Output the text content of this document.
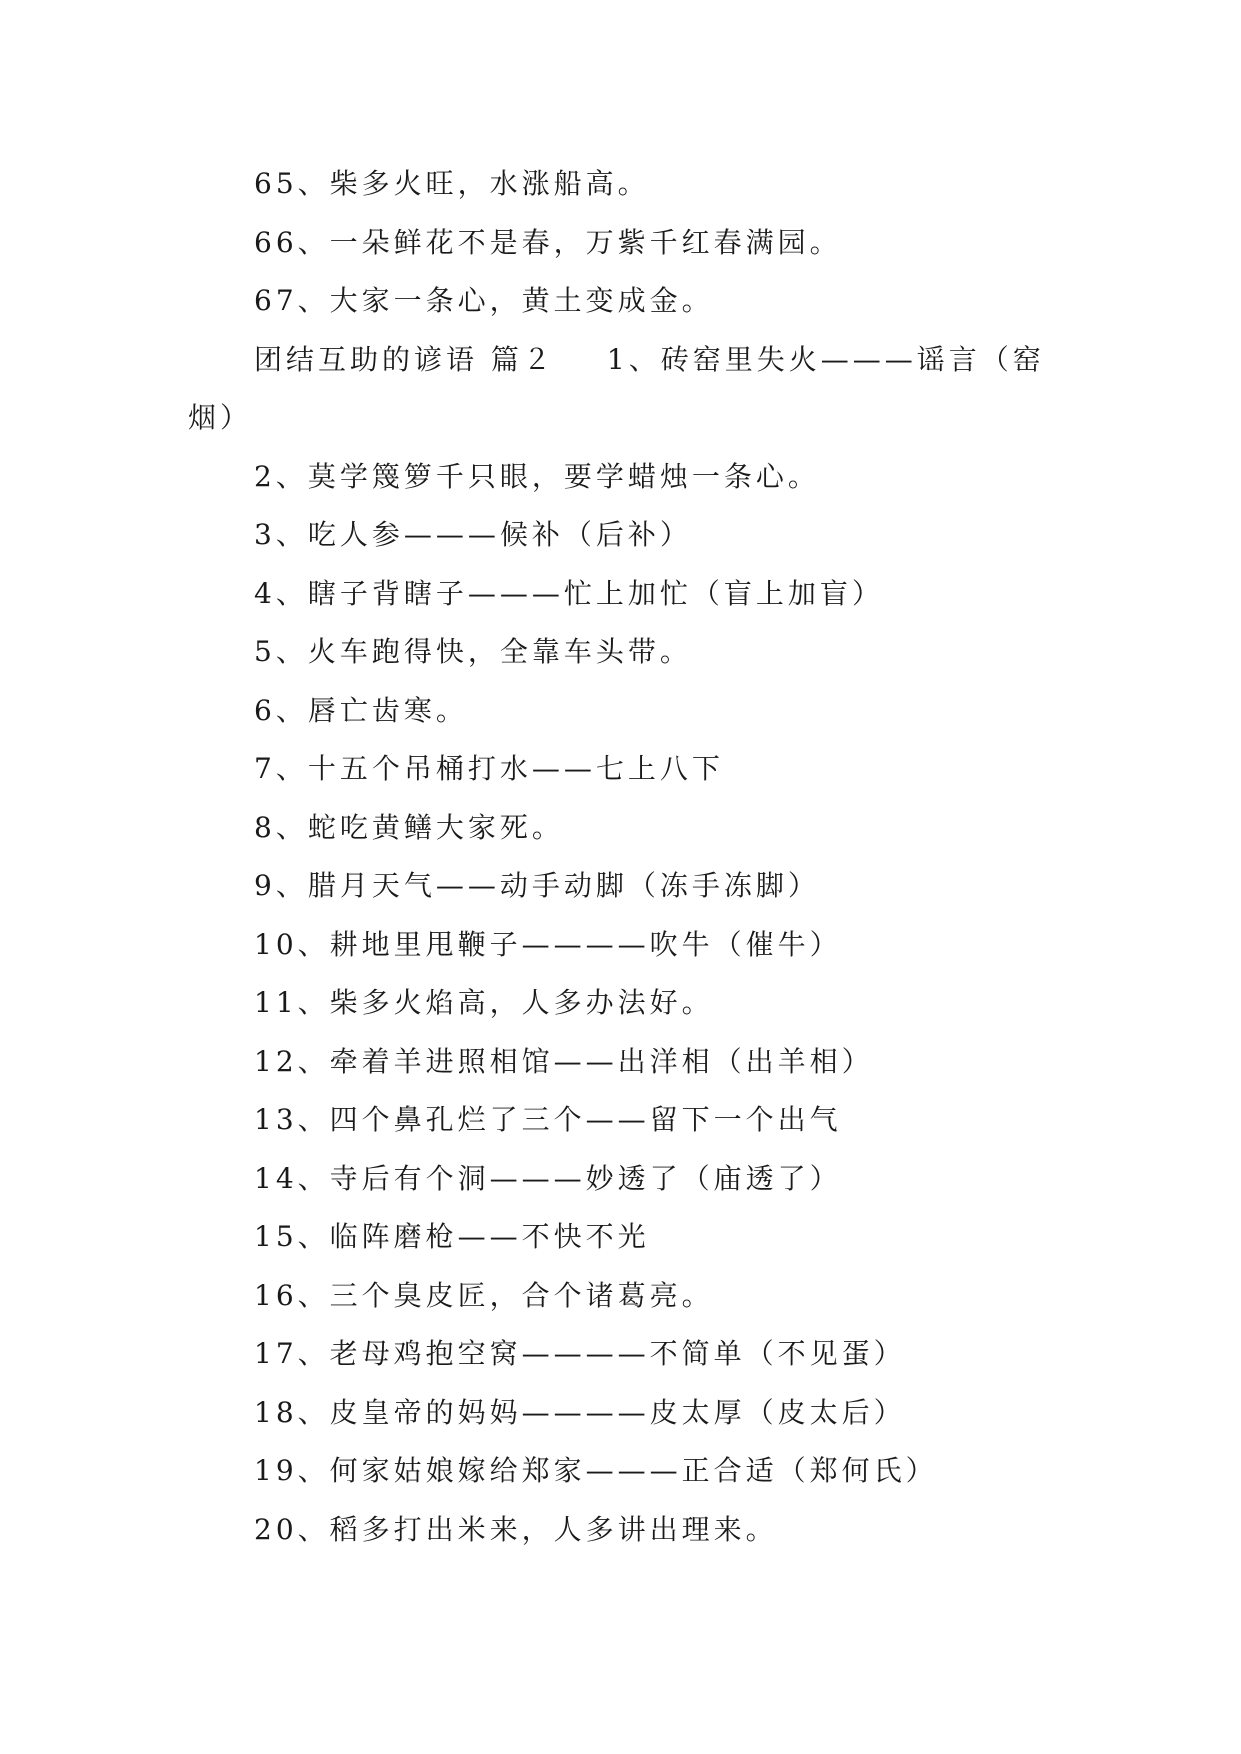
65、柴多火旺，水涨船高。
66、一朵鲜花不是春，万紫千红春满园。
67、大家一条心，黄土变成金。
团结互助的谚语 篇２ 1、砖窑里失火———谣言（窑
烟）
2、莫学篾箩千只眼，要学蜡烛一条心。
3、吃人参———候补（后补）
4、瞎子背瞎子———忙上加忙（盲上加盲）
5、火车跑得快，全靠车头带。
6、唇亡齿寒。
7、十五个吊桶打水——七上八下
8、蛇吃黄鳝大家死。
9、腊月天气——动手动脚（冻手冻脚）
10、耕地里甩鞭子————吹牛（催牛）
11、柴多火焰高，人多办法好。
12、牵着羊进照相馆——出洋相（出羊相）
13、四个鼻孔烂了三个——留下一个出气
14、寺后有个洞———妙透了（庙透了）
15、临阵磨枪——不快不光
16、三个臭皮匠，合个诸葛亮。
17、老母鸡抱空窝————不简单（不见蛋）
18、皮皇帝的妈妈————皮太厚（皮太后）
19、何家姑娘嫁给郑家———正合适（郑何氏）
20、稻多打出米来，人多讲出理来。
